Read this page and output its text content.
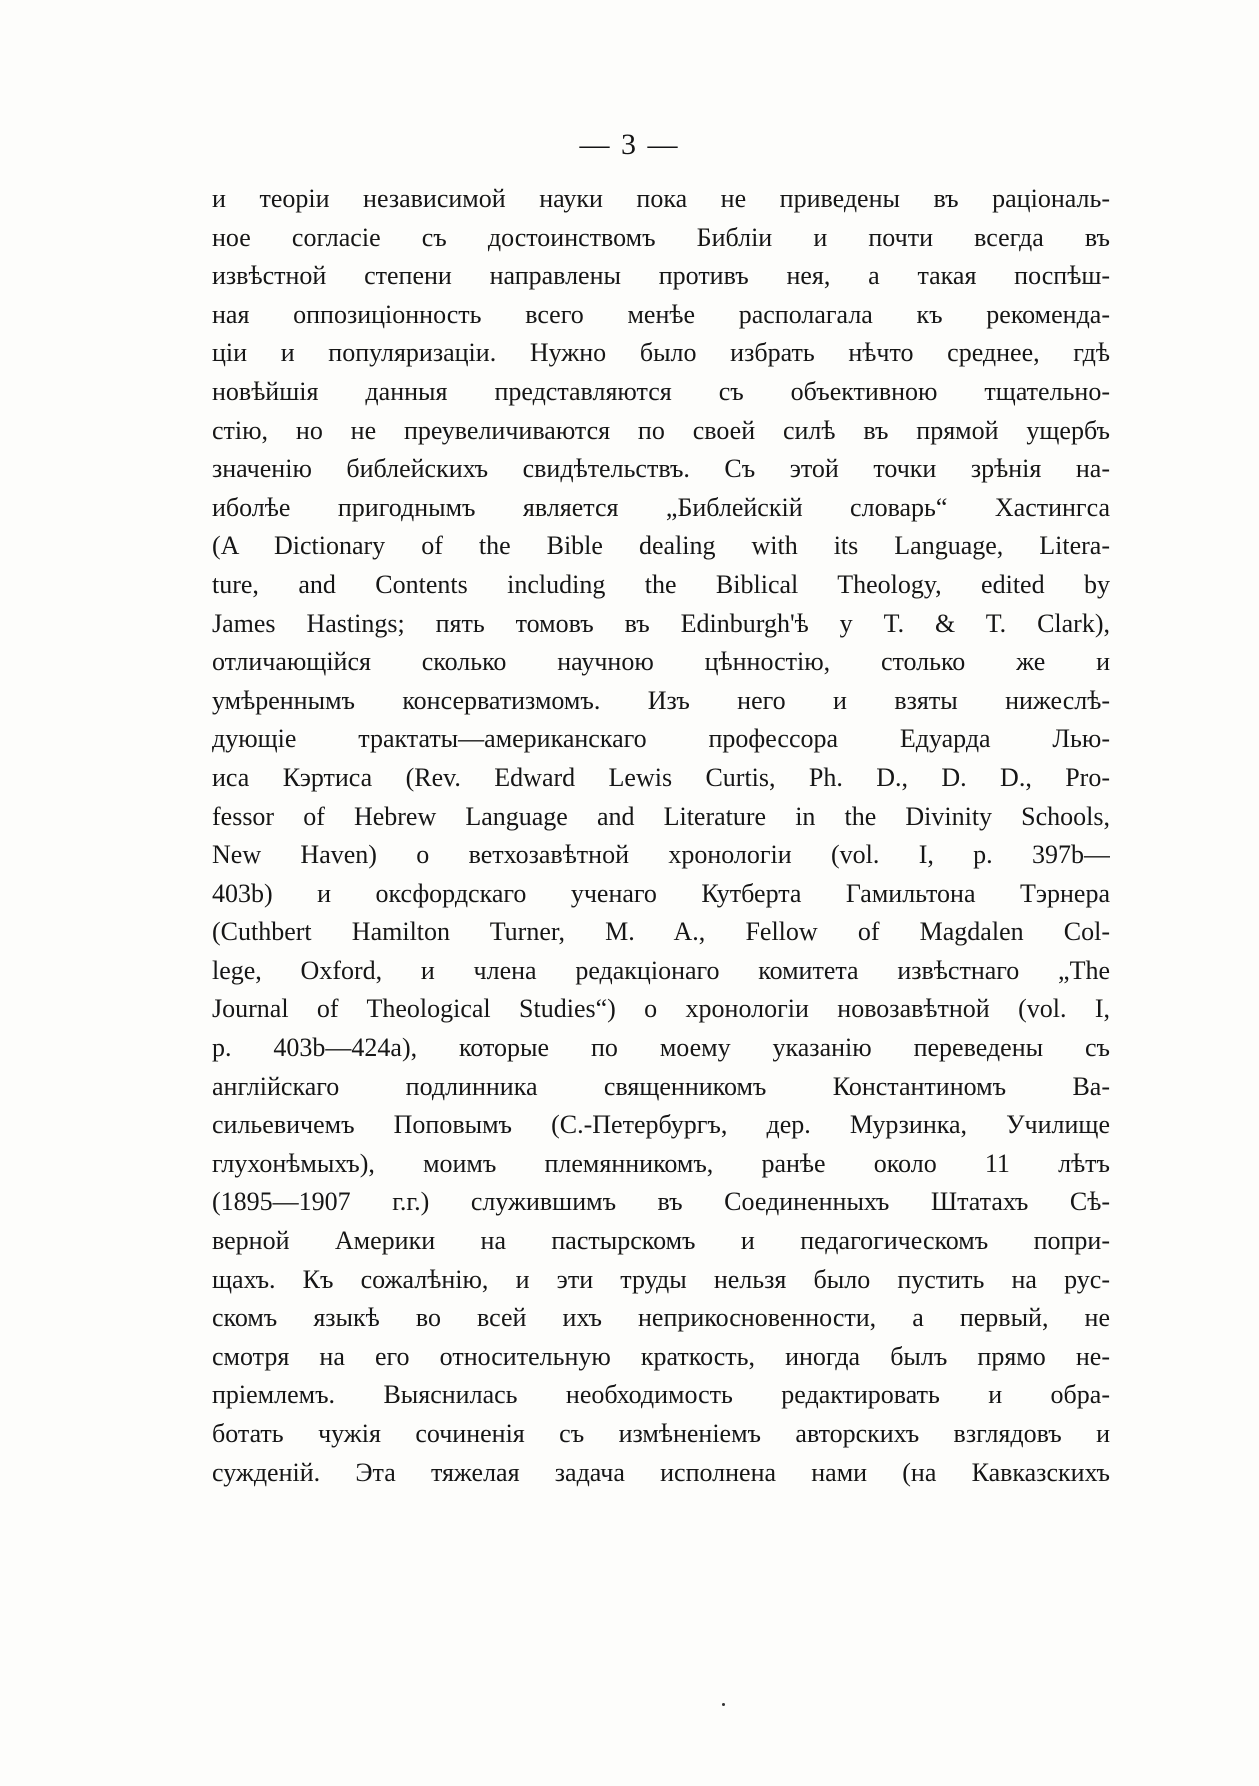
— 3 —
и теоріи независимой науки пока не приведены въ раціональ-
ное согласіе съ достоинствомъ Библіи и почти всегда въ
извѣстной степени направлены противъ нея, а такая поспѣш-
ная оппозиціонность всего менѣе располагала къ рекоменда-
ціи и популяризаціи. Нужно было избрать нѣчто среднее, гдѣ
новѣйшія данныя представляются съ объективною тщательно-
стію, но не преувеличиваются по своей силѣ въ прямой ущербъ
значенію библейскихъ свидѣтельствъ. Съ этой точки зрѣнія на-
иболѣе пригоднымъ является „Библейскій словарь“ Хастингса
(A Dictionary of the Bible dealing with its Language, Litera-
ture, and Contents including the Biblical Theology, edited by
James Hastings; пять томовъ въ Edinburgh'ѣ у T. & T. Clark),
отличающійся сколько научною цѣнностію, столько же и
умѣреннымъ консерватизмомъ. Изъ него и взяты нижеслѣ-
дующіе трактаты—американскаго профессора Едуарда Лью-
иса Кэртиса (Rev. Edward Lewis Curtis, Ph. D., D. D., Pro-
fessor of Hebrew Language and Literature in the Divinity Schools,
New Haven) о ветхозавѣтной хронологіи (vol. I, p. 397b—
403b) и оксфордскаго ученаго Кутберта Гамильтона Тэрнера
(Cuthbert Hamilton Turner, M. A., Fellow of Magdalen Col-
lege, Oxford, и члена редакціонаго комитета извѣстнаго „The
Journal of Theological Studies“) о хронологіи новозавѣтной (vol. I,
p. 403b—424a), которые по моему указанію переведены съ
англійскаго подлинника священникомъ Константиномъ Ва-
сильевичемъ Поповымъ (С.-Петербургъ, дер. Мурзинка, Училище
глухонѣмыхъ), моимъ племянникомъ, ранѣе около 11 лѣтъ
(1895—1907 г.г.) служившимъ въ Соединенныхъ Штатахъ Сѣ-
верной Америки на пастырскомъ и педагогическомъ попри-
щахъ. Къ сожалѣнію, и эти труды нельзя было пустить на рус-
скомъ языкѣ во всей ихъ неприкосновенности, а первый, не
смотря на его относительную краткость, иногда былъ прямо не-
пріемлемъ. Выяснилась необходимость редактировать и обра-
ботать чужія сочиненія съ измѣненіемъ авторскихъ взглядовъ и
сужденій. Эта тяжелая задача исполнена нами (на Кавказскихъ
